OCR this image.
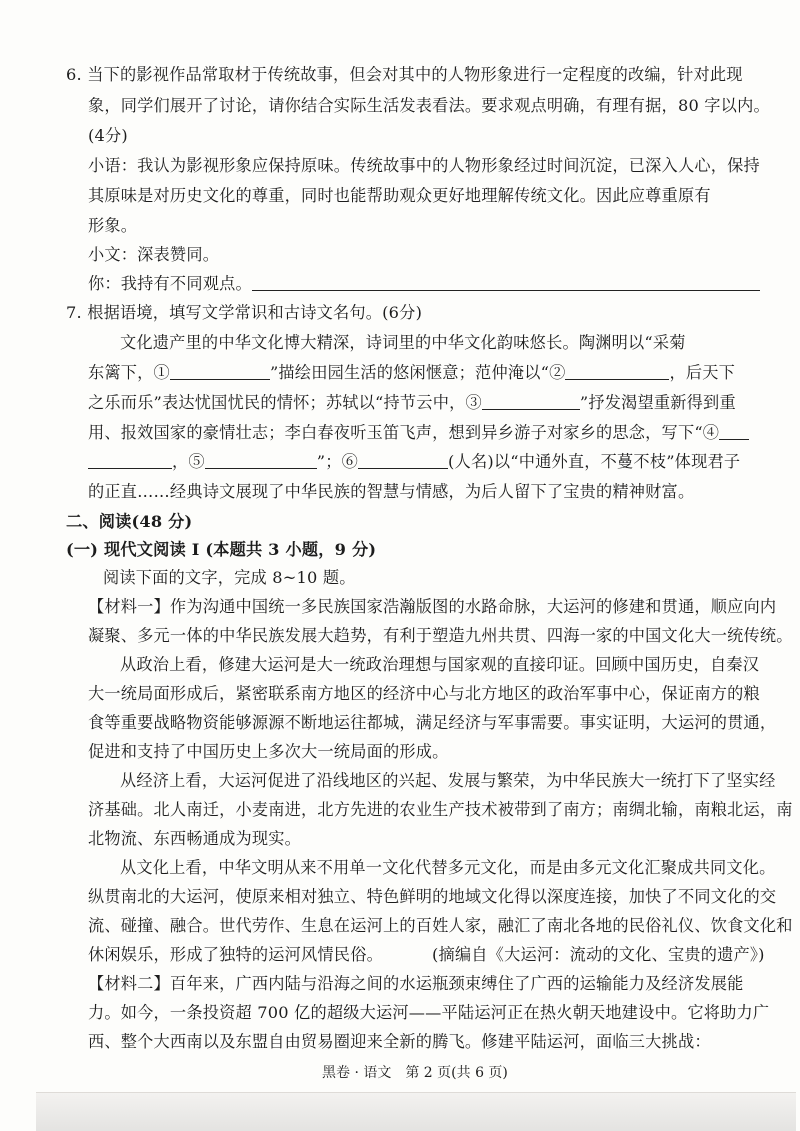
6. 当下的影视作品常取材于传统故事，但会对其中的人物形象进行一定程度的改编，针对此现
象，同学们展开了讨论，请你结合实际生活发表看法。要求观点明确，有理有据，80 字以内。
(4分)
小语：我认为影视形象应保持原味。传统故事中的人物形象经过时间沉淀，已深入人心，保持
其原味是对历史文化的尊重，同时也能帮助观众更好地理解传统文化。因此应尊重原有
形象。
小文：深表赞同。
你：我持有不同观点。
7. 根据语境，填写文学常识和古诗文名句。(6分)
文化遗产里的中华文化博大精深，诗词里的中华文化韵味悠长。陶渊明以“采菊
东篱下，①	”描绘田园生活的悠闲惬意；范仲淹以“②	，后天下
之乐而乐”表达忧国忧民的情怀；苏轼以“持节云中，③	”抒发渴望重新得到重
用、报效国家的豪情壮志；李白春夜听玉笛飞声，想到异乡游子对家乡的思念，写下“④
，⑤	”；⑥	(人名)以“中通外直，不蔓不枝”体现君子
的正直……经典诗文展现了中华民族的智慧与情感，为后人留下了宝贵的精神财富。
二、阅读(48 分)
(一) 现代文阅读 I (本题共 3 小题，9 分)
阅读下面的文字，完成 8~10 题。
【材料一】作为沟通中国统一多民族国家浩瀚版图的水路命脉，大运河的修建和贯通，顺应向内
凝聚、多元一体的中华民族发展大趋势，有利于塑造九州共贯、四海一家的中国文化大一统传统。
从政治上看，修建大运河是大一统政治理想与国家观的直接印证。回顾中国历史，自秦汉
大一统局面形成后，紧密联系南方地区的经济中心与北方地区的政治军事中心，保证南方的粮
食等重要战略物资能够源源不断地运往都城，满足经济与军事需要。事实证明，大运河的贯通，
促进和支持了中国历史上多次大一统局面的形成。
从经济上看，大运河促进了沿线地区的兴起、发展与繁荣，为中华民族大一统打下了坚实经
济基础。北人南迁，小麦南进，北方先进的农业生产技术被带到了南方；南绸北输，南粮北运，南
北物流、东西畅通成为现实。
从文化上看，中华文明从来不用单一文化代替多元文化，而是由多元文化汇聚成共同文化。
纵贯南北的大运河，使原来相对独立、特色鲜明的地域文化得以深度连接，加快了不同文化的交
流、碰撞、融合。世代劳作、生息在运河上的百姓人家，融汇了南北各地的民俗礼仪、饮食文化和
休闲娱乐，形成了独特的运河风情民俗。	(摘编自《大运河：流动的文化、宝贵的遗产》)
【材料二】百年来，广西内陆与沿海之间的水运瓶颈束缚住了广西的运输能力及经济发展能
力。如今，一条投资超 700 亿的超级大运河——平陆运河正在热火朝天地建设中。它将助力广
西、整个大西南以及东盟自由贸易圈迎来全新的腾飞。修建平陆运河，面临三大挑战：
黑卷 · 语文　第 2 页(共 6 页)
